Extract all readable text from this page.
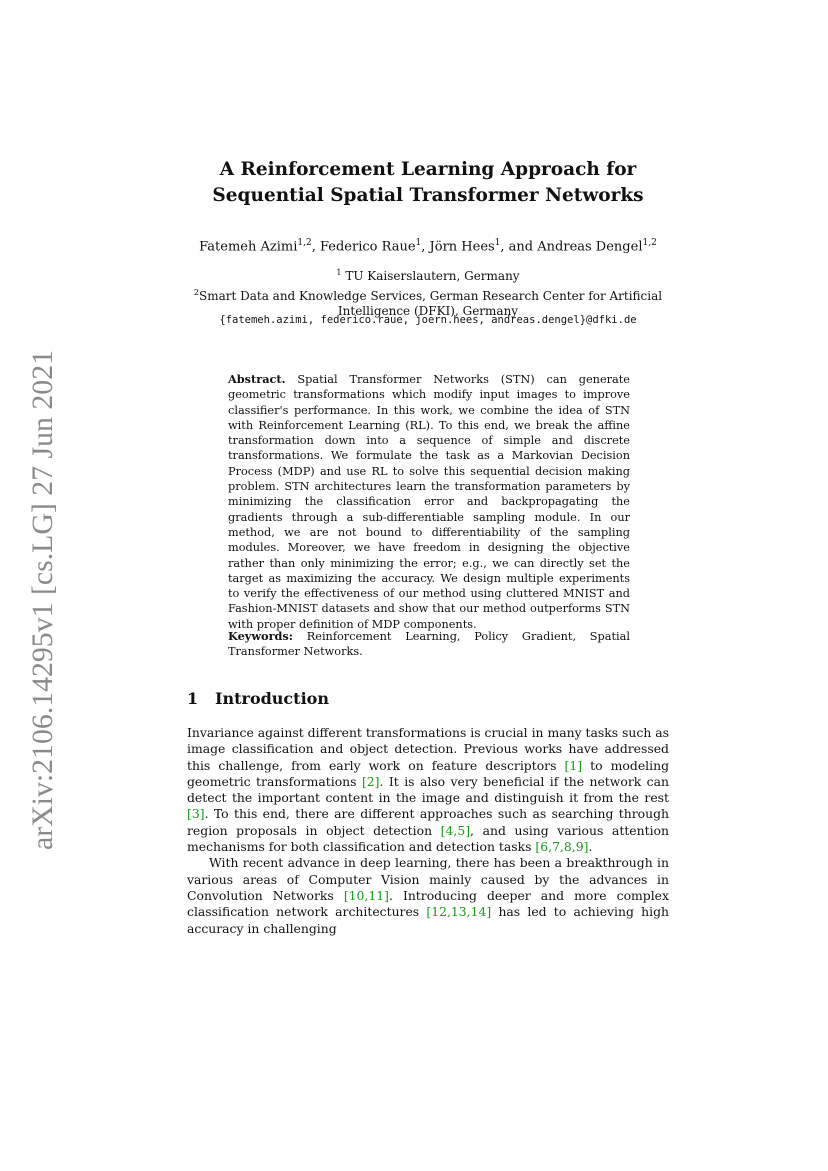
arXiv:2106.14295v1 [cs.LG] 27 Jun 2021
A Reinforcement Learning Approach for
Sequential Spatial Transformer Networks
Fatemeh Azimi$^{1,2}$, Federico Raue$^1$, Jörn Hees$^1$, and Andreas Dengel$^{1,2}$
$^1$ TU Kaiserslautern, Germany
$^2$Smart Data and Knowledge Services, German Research Center for Artificial
Intelligence (DFKI), Germany
{fatemeh.azimi, federico.raue, joern.hees, andreas.dengel}@dfki.de
Abstract. Spatial Transformer Networks (STN) can generate geometric transformations which modify input images to improve classifier's performance. In this work, we combine the idea of STN with Reinforcement Learning (RL). To this end, we break the affine transformation down into a sequence of simple and discrete transformations. We formulate the task as a Markovian Decision Process (MDP) and use RL to solve this sequential decision making problem. STN architectures learn the transformation parameters by minimizing the classification error and backpropagating the gradients through a sub-differentiable sampling module. In our method, we are not bound to differentiability of the sampling modules. Moreover, we have freedom in designing the objective rather than only minimizing the error; e.g., we can directly set the target as maximizing the accuracy. We design multiple experiments to verify the effectiveness of our method using cluttered MNIST and Fashion-MNIST datasets and show that our method outperforms STN with proper definition of MDP components.
Keywords: Reinforcement Learning, Policy Gradient, Spatial Transformer Networks.
1 Introduction

Invariance against different transformations is crucial in many tasks such as image classification and object detection. Previous works have addressed this challenge, from early work on feature descriptors [1] to modeling geometric transformations [2]. It is also very beneficial if the network can detect the important content in the image and distinguish it from the rest [3]. To this end, there are different approaches such as searching through region proposals in object detection [4,5], and using various attention mechanisms for both classification and detection tasks [6,7,8,9].

With recent advance in deep learning, there has been a breakthrough in various areas of Computer Vision mainly caused by the advances in Convolution Networks [10,11]. Introducing deeper and more complex classification network architectures [12,13,14] has led to achieving high accuracy in challenging
